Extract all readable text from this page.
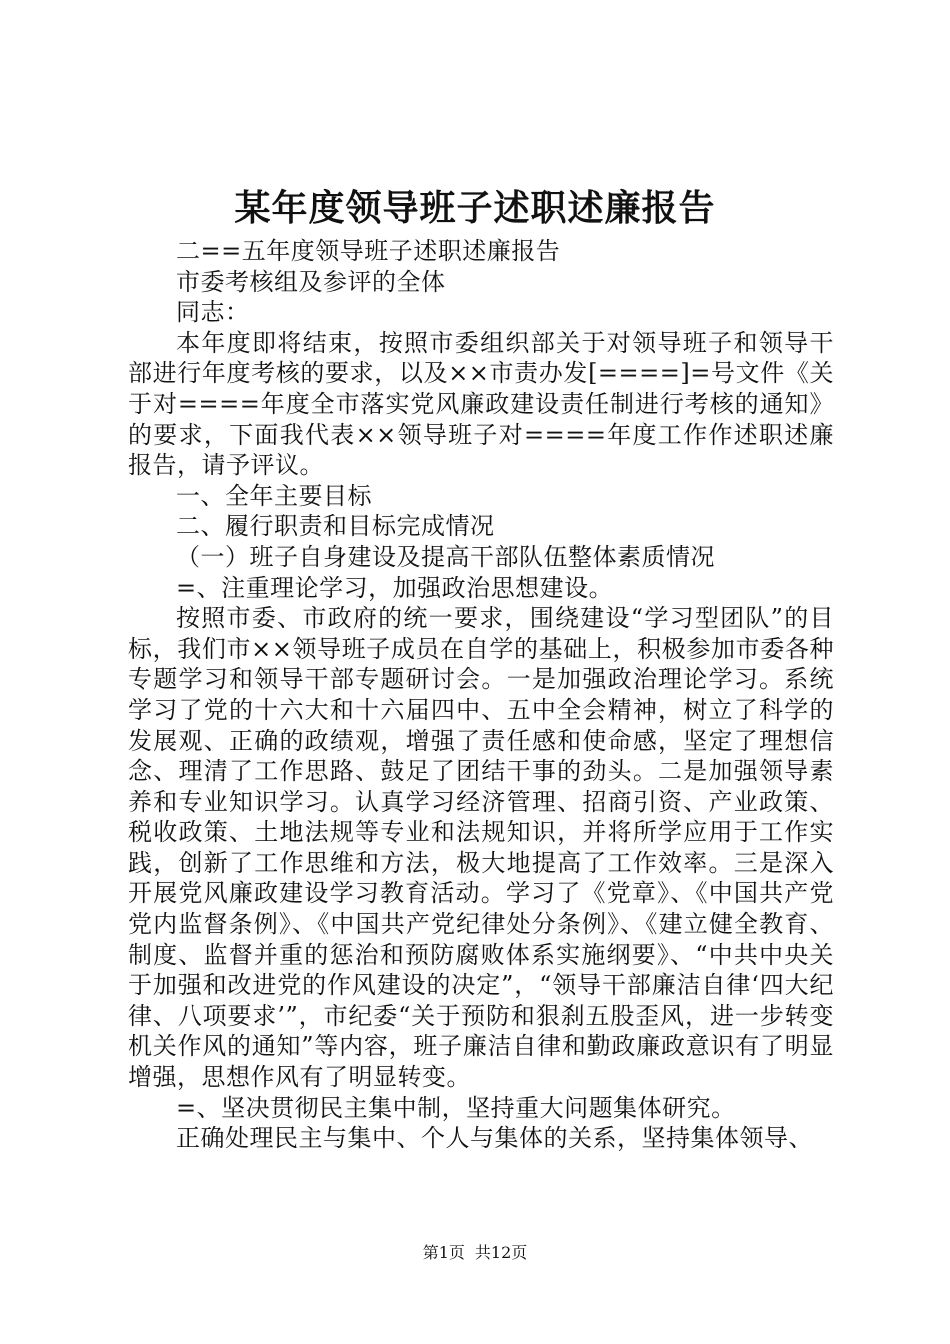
某年度领导班子述职述廉报告

二==五年度领导班子述职述廉报告

市委考核组及参评的全体

同志：

本年度即将结束，按照市委组织部关于对领导班子和领导干部进行年度考核的要求，以及××市责办发[====]=号文件《关于对====年度全市落实党风廉政建设责任制进行考核的通知》的要求，下面我代表××领导班子对====年度工作作述职述廉报告，请予评议。

一、全年主要目标

二、履行职责和目标完成情况

（一）班子自身建设及提高干部队伍整体素质情况

=、注重理论学习，加强政治思想建设。

按照市委、市政府的统一要求，围绕建设“学习型团队”的目标，我们市××领导班子成员在自学的基础上，积极参加市委各种专题学习和领导干部专题研讨会。一是加强政治理论学习。系统学习了党的十六大和十六届四中、五中全会精神，树立了科学的发展观、正确的政绩观，增强了责任感和使命感，坚定了理想信念、理清了工作思路、鼓足了团结干事的劲头。二是加强领导素养和专业知识学习。认真学习经济管理、招商引资、产业政策、税收政策、土地法规等专业和法规知识，并将所学应用于工作实践，创新了工作思维和方法，极大地提高了工作效率。三是深入开展党风廉政建设学习教育活动。学习了《党章》、《中国共产党党内监督条例》、《中国共产党纪律处分条例》、《建立健全教育、制度、监督并重的惩治和预防腐败体系实施纲要》、“中共中央关于加强和改进党的作风建设的决定”，“领导干部廉洁自律‘四大纪律、八项要求’”，市纪委“关于预防和狠刹五股歪风，进一步转变机关作风的通知”等内容，班子廉洁自律和勤政廉政意识有了明显增强，思想作风有了明显转变。

=、坚决贯彻民主集中制，坚持重大问题集体研究。

正确处理民主与集中、个人与集体的关系，坚持集体领导、

第1页 共12页
